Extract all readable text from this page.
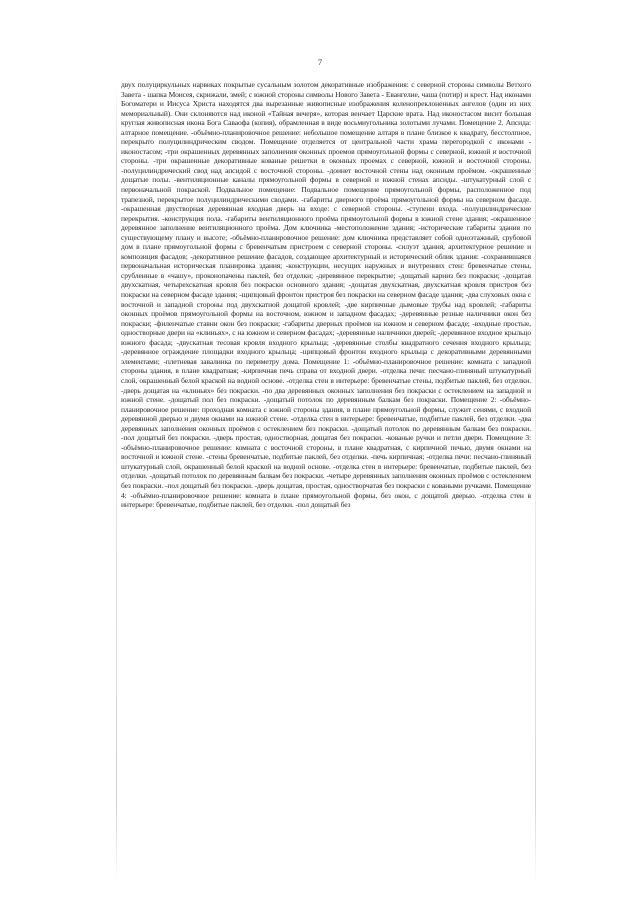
7

двух полуциркульных нарвиках покрытые сусальным золотом декоративные изображения: с северной стороны символы Ветхого Завета - шапка Моисея, скрижали, змей; с южной стороны символы Нового Завета - Евангелие, чаша (потир) и крест. Над иконами Богоматери и Иисуса Христа находятся два вырезанные живописные изображения коленопреклоненных ангелов (один из них мемориальный). Они склоняются над иконой «Тайная вечеря», которая венчает Царские врата. Над иконостасом висит большая круглая живописная икона Бога Саваофа (копия), обрамленная в виде восьмиугольника золотыми лучами. Помещение 2. Апсида: алтарное помещение. -объёмно-планировочное решение: небольшое помещение алтаря в плане близкое к квадрату, бесстолпное, перекрыто полуцилиндрическим сводом. Помещение отделяется от центральной части храма перегородкой с иконами - иконостасом; -три окрашенных деревянных заполнения оконных проемов прямоугольной формы с северной, южной и восточной стороны. -три окрашенные декоративные кованые решетки в оконных проемах с северной, южной и восточной стороны. -полуцилиндрический свод над апсидой с восточной стороны. -доинет восточной стены над оконным проёмом. -окрашенные дощатые полы. -вентиляционные каналы прямоугольной формы в северной и южной стенах апсиды. -штукатурный слой с первоначальной покраской. Подвальное помещение: Подвальное помещение прямоугольной формы, расположенное под трапезной, перекрытое полуцилиндрическими сводами. -габариты дверного проёма прямоугольной формы на северном фасаде. -окрашенная двустворная деревянная входная дверь на входе: с северной стороны. -ступени входа. -полуцилиндрические перекрытия. -конструкция пола. -габариты вентиляционного проёма прямоугольной формы в южной стене здания; -окрашенное деревянное заполнение вентиляционного проёма. Дом ключника -местоположение здания; -исторические габариты здания по существующему плану и высоте; -объёмно-планировочное решение: дом ключника представляет собой одноэтажный, срубовой дом в плане прямоугольной формы с бревенчатым пристроем с северной стороны. -силуэт здания, архитектурное решение и композиция фасадов; -декоративное решение фасадов, создающее архитектурный и исторический облик здания: -сохранившаяся первоначальная историческая планировка здания; -конструкции, несущих наружных и внутренних стен: бревенчатые стены, срубленные в «чашу», проконопачены паклей, без отделки; -деревянное перекрытие; -дощатый карниз без покраски; -дощатая двухскатная, четырехскатная кровля без покраски основного здания; -дощатая двухскатная, двухскатная кровля пристроя без покраски на северном фасаде здания; -щипцовый фронтон пристроя без покраски на северном фасаде здания; -два слуховых окна с восточной и западной стороны под двухскатной дощатой кровлей; -две кирпичные дымовые трубы над кровлей; -габариты оконных проёмов прямоугольной формы на восточном, южном и западном фасадах; -деревянные резные наличники окон без покраски; -филенчатые ставни окон без покраски; -габариты дверных проёмов на южном и северном фасаде; -входные простые, одностворные двери на «клиньях», с на южном и северном фасадах; -деревянные наличники дверей; -деревянное входное крыльцо южного фасада; -двускатная тесовая кровля входного крыльца; -деревянные столбы квадратного сечения входного крыльца; -деревянное ограждение площадки входного крыльца; -щипцовый фронтон входного крыльца с декоративными деревянными элементами; -плетневая завалинка по периметру дома. Помещение 1: -объёмно-планировочное решение: комната с западной стороны здания, в плане квадратная; -кирпичная печь справа от входной двери. -отделка печи: песчано-глиняный штукатурный слой, окрашенный белой краской на водной основе. -отделка стен в интерьере: бревенчатые стены, подбитые паклей, без отделки. -дверь дощатая на «клиньях» без покраски. -по два деревянных оконных заполнения без покраски с остеклением на западной и южной стене. -дощатый пол без покраски. -дощатый потолок по деревянным балкам без покраски. Помещение 2: -объёмно-планировочное решение: проходная комната с южной стороны здания, в плане прямоугольной формы, служит сенями, с входной деревянной дверью и двумя окнами на южной стене. -отделка стен в интерьере: бревенчатые, подбитые паклей, без отделки. -два деревянных заполнения оконных проёмов с остеклением без покраски. -дощатый потолок по деревянным балкам без покраски. -пол дощатый без покраски. -дверь простая, одностворная, дощатая без покраски. -кованые ручки и петли двери. Помещение 3: -объёмно-планировочное решение: комната с восточной стороны, в плане квадратная, с кирпичной печью, двумя окнами на восточной и южной стене. -стены бревенчатые, подбитые паклей, без отделки. -печь кирпичная; -отделка печи: песчано-глиняный штукатурный слой, окрашенный белой краской на водной основе. -отделка стен в интерьере: бревенчатые, подбитые паклей, без отделки. -дощатый потолок по деревянным балкам без покраски. -четыре деревянных заполнения оконных проёмов с остеклением без покраски. -пол дощатый без покраски. -дверь дощатая, простая, одностворчатая без покраски с коваными ручками. Помещение 4: -объёмно-планировочное решение: комната в плане прямоугольной формы, без окон, с дощатой дверью. -отделка стен в интерьере: бревенчатые, подбитые паклей, без отделки. -пол дощатый без
